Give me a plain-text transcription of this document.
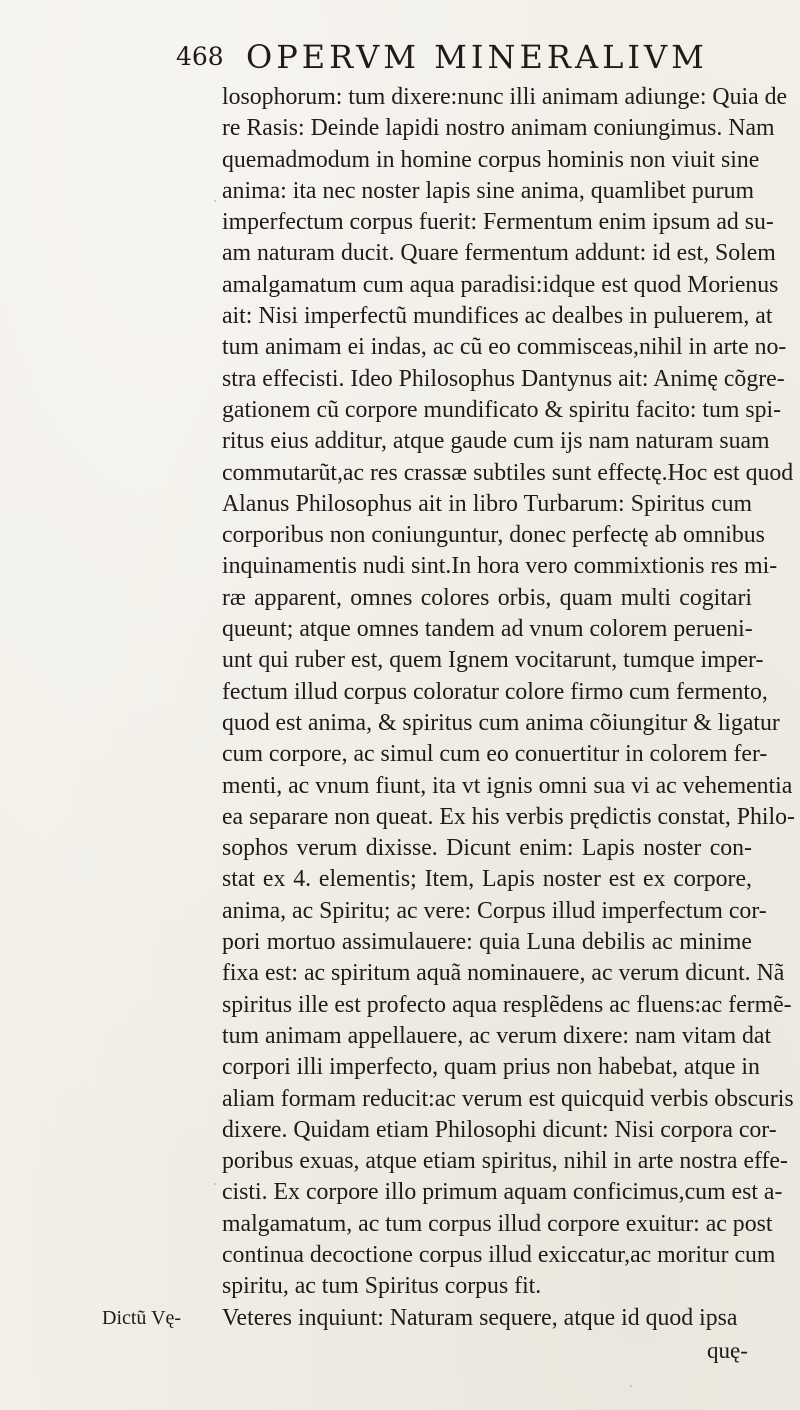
468 OPERVM MINERALIVM
losophorum: tum dixere:nunc illi animam adiunge: Quia de
re Rasis: Deinde lapidi nostro animam coniungimus. Nam
quemadmodum in homine corpus hominis non viuit sine
anima: ita nec noster lapis sine anima, quamlibet purum
imperfectum corpus fuerit: Fermentum enim ipsum ad su-
am naturam ducit. Quare fermentum addunt: id est, Solem
amalgamatum cum aqua paradisi:idque est quod Morienus
ait: Nisi imperfectũ mundifices ac dealbes in puluerem, at
tum animam ei indas, ac cũ eo commisceas,nihil in arte no-
stra effecisti. Ideo Philosophus Dantynus ait: Animę cõgre-
gationem cũ corpore mundificato & spiritu facito: tum spi-
ritus eius additur, atque gaude cum ijs nam naturam suam
commutarũt,ac res crassæ subtiles sunt effectę.Hoc est quod
Alanus Philosophus ait in libro Turbarum: Spiritus cum
corporibus non coniunguntur, donec perfectę ab omnibus
inquinamentis nudi sint.In hora vero commixtionis res mi-
ræ apparent, omnes colores orbis, quam multi cogitari
queunt; atque omnes tandem ad vnum colorem perueni-
unt qui ruber est, quem Ignem vocitarunt, tumque imper-
fectum illud corpus coloratur colore firmo cum fermento,
quod est anima, & spiritus cum anima cõiungitur & ligatur
cum corpore, ac simul cum eo conuertitur in colorem fer-
menti, ac vnum fiunt, ita vt ignis omni sua vi ac vehementia
ea separare non queat. Ex his verbis prędictis constat, Philo-
sophos verum dixisse. Dicunt enim: Lapis noster con-
stat ex 4. elementis; Item, Lapis noster est ex corpore,
anima, ac Spiritu; ac vere: Corpus illud imperfectum cor-
pori mortuo assimulauere: quia Luna debilis ac minime
fixa est: ac spiritum aquã nominauere, ac verum dicunt. Nã
spiritus ille est profecto aqua resplẽdens ac fluens:ac fermẽ-
tum animam appellauere, ac verum dixere: nam vitam dat
corpori illi imperfecto, quam prius non habebat, atque in
aliam formam reducit:ac verum est quicquid verbis obscuris
dixere. Quidam etiam Philosophi dicunt: Nisi corpora cor-
poribus exuas, atque etiam spiritus, nihil in arte nostra effe-
cisti. Ex corpore illo primum aquam conficimus,cum est a-
malgamatum, ac tum corpus illud corpore exuitur: ac post
continua decoctione corpus illud exiccatur,ac moritur cum
spiritu, ac tum Spiritus corpus fit.
Veteres inquiunt: Naturam sequere, atque id quod ipsa
Dictũ Vę-
quę-
